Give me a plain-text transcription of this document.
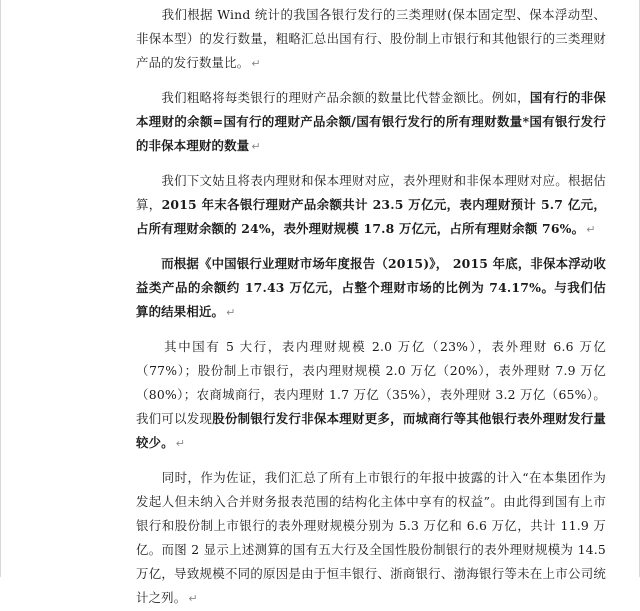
　　我们根据 Wind 统计的我国各银行发行的三类理财(保本固定型、保本浮动型、非保本型）的发行数量，粗略汇总出国有行、股份制上市银行和其他银行的三类理财产品的发行数量比。 ↵

　　我们粗略将每类银行的理财产品余额的数量比代替金额比。例如，国有行的非保本理财的余额=国有行的理财产品余额/国有银行发行的所有理财数量*国有银行发行的非保本理财的数量 ↵

　　我们下文姑且将表内理财和保本理财对应，表外理财和非保本理财对应。根据估算，2015 年末各银行理财产品余额共计 23.5 万亿元，表内理财预计 5.7 亿元，占所有理财余额的 24%，表外理财规模 17.8 万亿元，占所有理财余额 76%。 ↵

　　而根据《中国银行业理财市场年度报告（2015)》， 2015 年底，非保本浮动收益类产品的余额约 17.43 万亿元，占整个理财市场的比例为 74.17%。与我们估算的结果相近。 ↵

　　其中国有 5 大行，表内理财规模 2.0 万亿（23%），表外理财 6.6 万亿（77%）；股份制上市银行，表内理财规模 2.0 万亿（20%），表外理财 7.9 万亿（80%）；农商城商行，表内理财 1.7 万亿（35%），表外理财 3.2 万亿（65%）。我们可以发现股份制银行发行非保本理财更多，而城商行等其他银行表外理财发行量较少。 ↵

　　同时，作为佐证，我们汇总了所有上市银行的年报中披露的计入“在本集团作为发起人但未纳入合并财务报表范围的结构化主体中享有的权益”。由此得到国有上市银行和股份制上市银行的表外理财规模分别为 5.3 万亿和 6.6 万亿，共计 11.9 万亿。而图 2 显示上述测算的国有五大行及全国性股份制银行的表外理财规模为 14.5 万亿，导致规模不同的原因是由于恒丰银行、浙商银行、渤海银行等未在上市公司统计之列。 ↵
